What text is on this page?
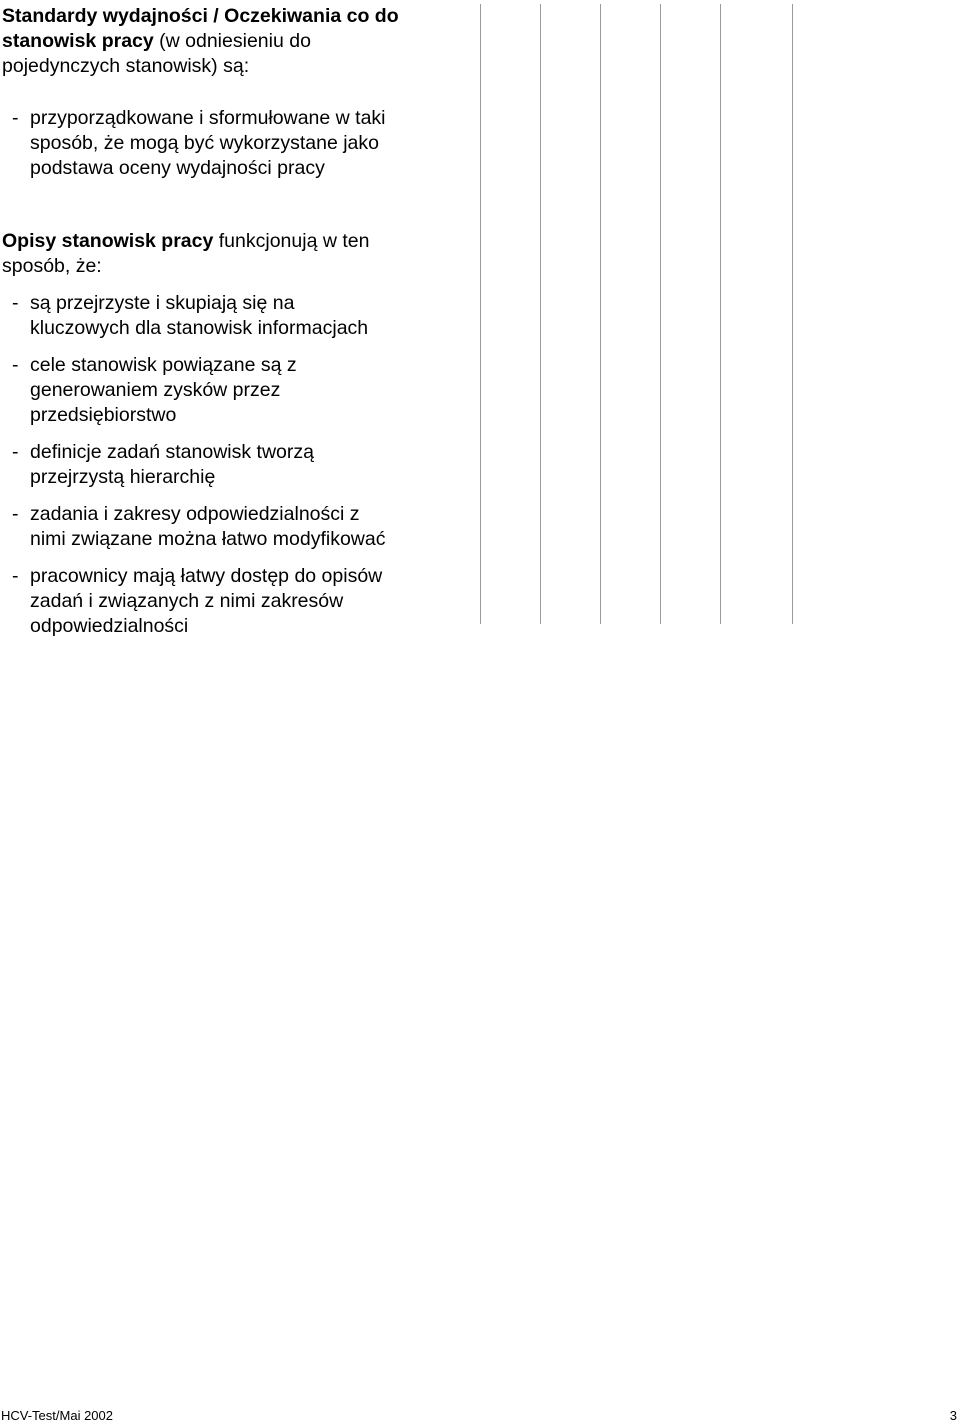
Standardy wydajności / Oczekiwania co do

stanowisk pracy (w odniesieniu do

pojedynczych stanowisk) są:

- przyporządkowane i sformułowane w taki
sposób, że mogą być wykorzystane jako
podstawa oceny wydajności pracy

Opisy stanowisk pracy funkcjonują w ten

sposób, że:

- są przejrzyste i skupiają się na
kluczowych dla stanowisk informacjach
- cele stanowisk powiązane są z
generowaniem zysków przez
przedsiębiorstwo
- definicje zadań stanowisk tworzą
przejrzystą hierarchię
- zadania i zakresy odpowiedzialności z
nimi związane można łatwo modyfikować
- pracownicy mają łatwy dostęp do opisów
zadań i związanych z nimi zakresów
odpowiedzialności
HCV-Test/Mai 2002	3
